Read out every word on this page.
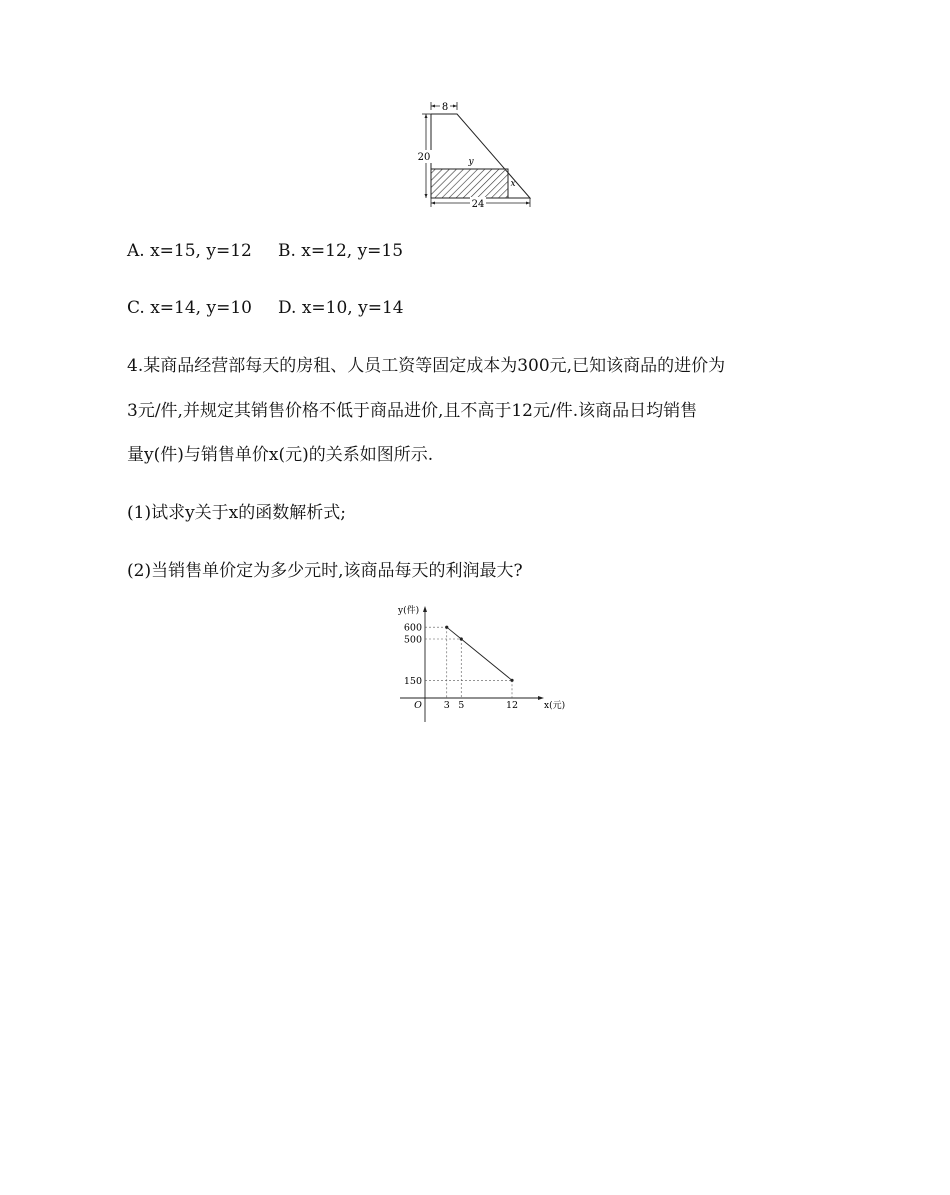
8
20
24
y
x
A. x=15, y=12 B. x=12, y=15
C. x=14, y=10 D. x=10, y=14
4.某商品经营部每天的房租、人员工资等固定成本为300元,已知该商品的进价为
3元/件,并规定其销售价格不低于商品进价,且不高于12元/件.该商品日均销售
量y(件)与销售单价x(元)的关系如图所示.
(1)试求y关于x的函数解析式;
(2)当销售单价定为多少元时,该商品每天的利润最大?
600
500
150
3 5	12
O	x(元)
y(件)
